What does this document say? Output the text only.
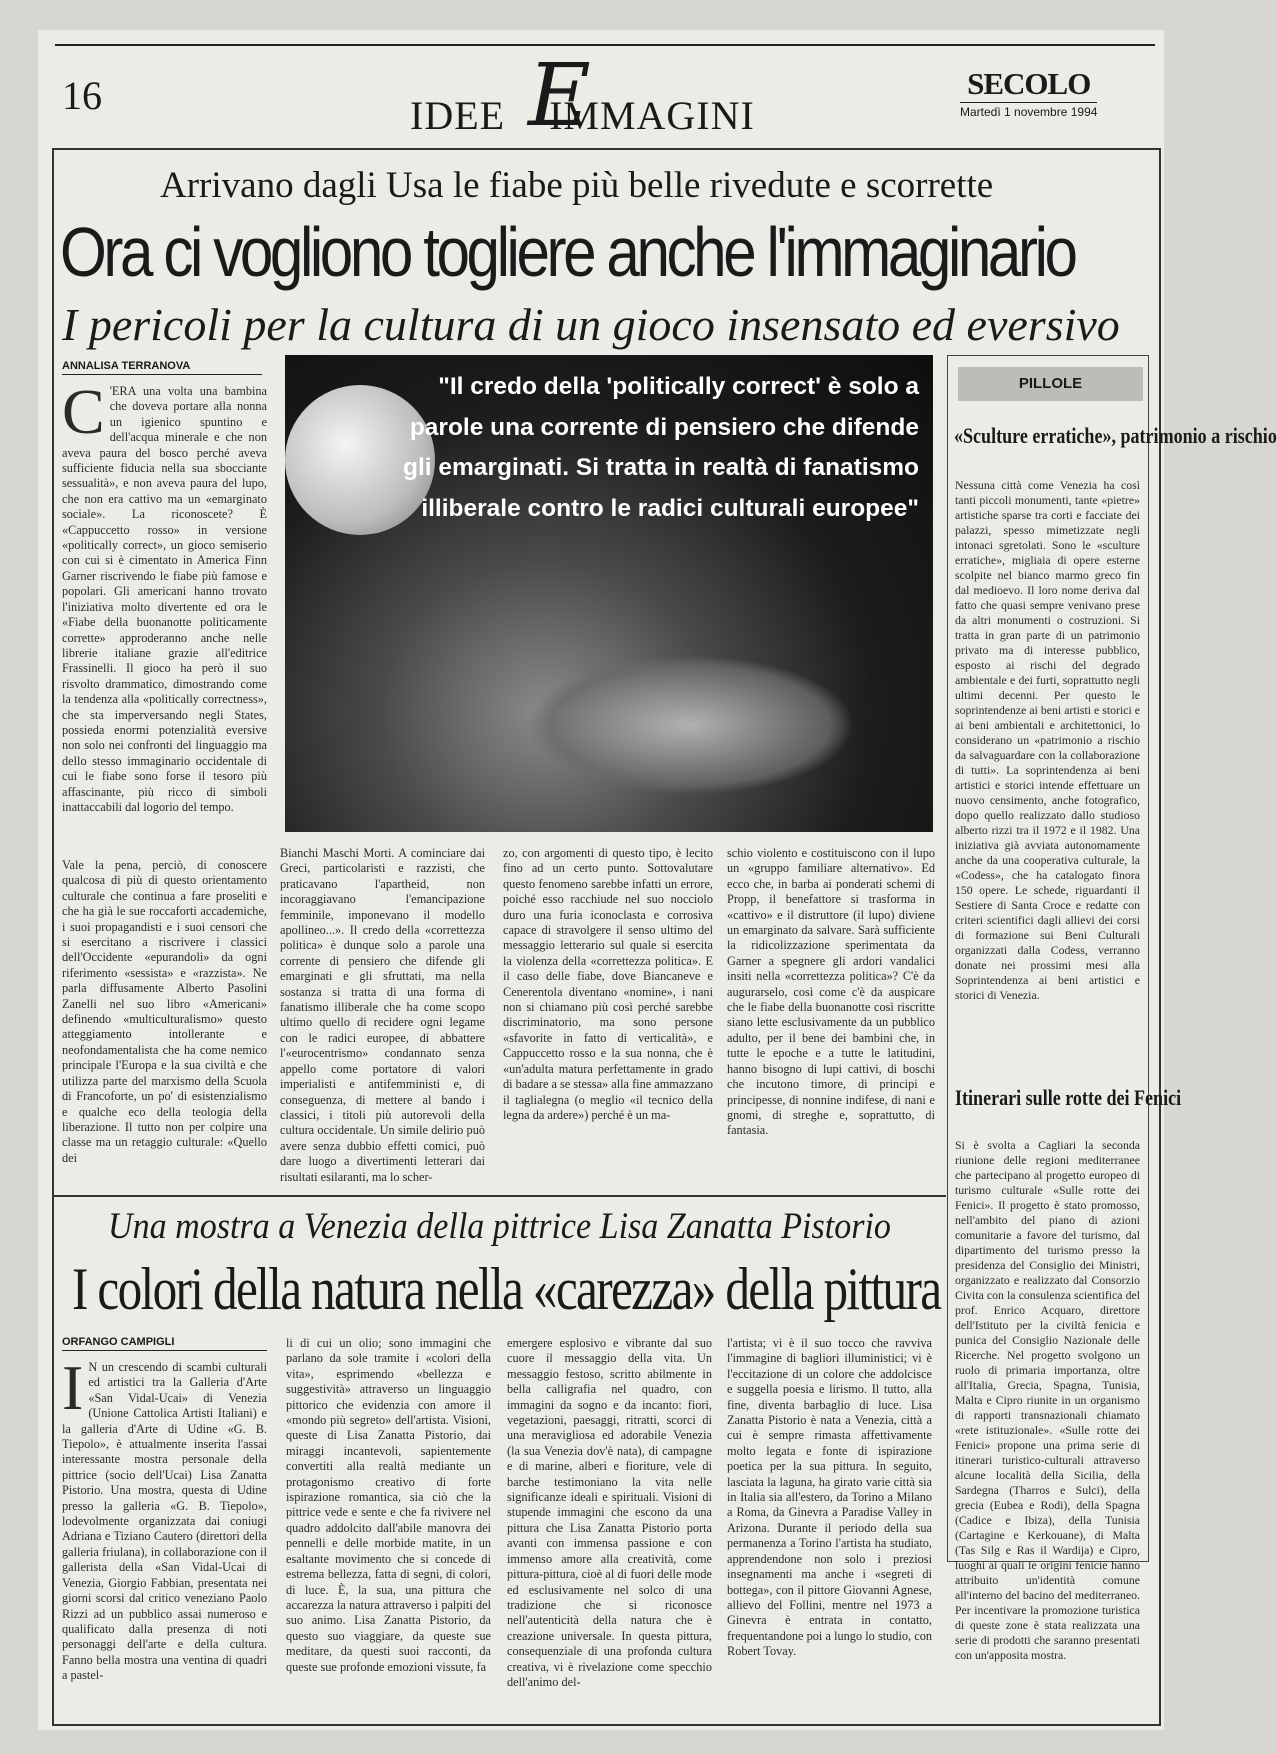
16	E
IDEE IMMAGINI
SECOLO
Martedì 1 novembre 1994
Arrivano dagli Usa le fiabe più belle rivedute e scorrette
Ora ci vogliono togliere anche l'immaginario
I pericoli per la cultura di un gioco insensato ed eversivo
ANNALISA TERRANOVA
C 'ERA una volta una bambina che doveva portare alla nonna un igienico spuntino e dell'acqua minerale e che non aveva paura del bosco perché aveva sufficiente fiducia nella sua sbocciante sessualità», e non aveva paura del lupo, che non era cattivo ma un «emarginato sociale». La riconoscete? È «Cappuccetto rosso» in versione «politically correct», un gioco semiserio con cui si è cimentato in America Finn Garner riscrivendo le fiabe più famose e popolari. Gli americani hanno trovato l'iniziativa molto divertente ed ora le «Fiabe della buonanotte politicamente corrette» approderanno anche nelle librerie italiane grazie all'editrice Frassinelli. Il gioco ha però il suo risvolto drammatico, dimostrando come la tendenza alla «politically correctness», che sta imperversando negli States, possieda enormi potenzialità eversive non solo nei confronti del linguaggio ma dello stesso immaginario occidentale di cui le fiabe sono forse il tesoro più affascinante, più ricco di simboli inattaccabili dal logorio del tempo.
Vale la pena, perciò, di conoscere qualcosa di più di questo orientamento culturale che continua a fare proseliti e che ha già le sue roccaforti accademiche, i suoi propagandisti e i suoi censori che si esercitano a riscrivere i classici dell'Occidente «epurandoli» da ogni riferimento «sessista» e «razzista». Ne parla diffusamente Alberto Pasolini Zanelli nel suo libro «Americani» definendo «multiculturalismo» questo atteggiamento intollerante e neofondamentalista che ha come nemico principale l'Europa e la sua civiltà e che utilizza parte del marxismo della Scuola di Francoforte, un po' di esistenzialismo e qualche eco della teologia della liberazione. Il tutto non per colpire una classe ma un retaggio culturale: «Quello dei
"Il credo della 'politically correct' è solo a parole una corrente di pensiero che difende gli emarginati. Si tratta in realtà di fanatismo illiberale contro le radici culturali europee"
Bianchi Maschi Morti. A cominciare dai Greci, particolaristi e razzisti, che praticavano l'apartheid, non incoraggiavano l'emancipazione femminile, imponevano il modello apollineo...». Il credo della «correttezza politica» è dunque solo a parole una corrente di pensiero che difende gli emarginati e gli sfruttati, ma nella sostanza si tratta di una forma di fanatismo illiberale che ha come scopo ultimo quello di recidere ogni legame con le radici europee, di abbattere l'«eurocentrismo» condannato senza appello come portatore di valori imperialisti e antifemministi e, di conseguenza, di mettere al bando i classici, i titoli più autorevoli della cultura occidentale. Un simile delirio può avere senza dubbio effetti comici, può dare luogo a divertimenti letterari dai risultati esilaranti, ma lo scher-
zo, con argomenti di questo tipo, è lecito fino ad un certo punto. Sottovalutare questo fenomeno sarebbe infatti un errore, poiché esso racchiude nel suo nocciolo duro una furia iconoclasta e corrosiva capace di stravolgere il senso ultimo del messaggio letterario sul quale si esercita la violenza della «correttezza politica». E il caso delle fiabe, dove Biancaneve e Cenerentola diventano «nomine», i nani non si chiamano più così perché sarebbe discriminatorio, ma sono persone «sfavorite in fatto di verticalità», e Cappuccetto rosso e la sua nonna, che è «un'adulta matura perfettamente in grado di badare a se stessa» alla fine ammazzano il taglialegna (o meglio «il tecnico della legna da ardere») perché è un ma-
schio violento e costituiscono con il lupo un «gruppo familiare alternativo». Ed ecco che, in barba ai ponderati schemi di Propp, il benefattore si trasforma in «cattivo» e il distruttore (il lupo) diviene un emarginato da salvare. Sarà sufficiente la ridicolizzazione sperimentata da Garner a spegnere gli ardori vandalici insiti nella «correttezza politica»? C'è da augurarselo, così come c'è da auspicare che le fiabe della buonanotte così riscritte siano lette esclusivamente da un pubblico adulto, per il bene dei bambini che, in tutte le epoche e a tutte le latitudini, hanno bisogno di lupi cattivi, di boschi che incutono timore, di principi e principesse, di nonnine indifese, di nani e gnomi, di streghe e, soprattutto, di fantasia.
PILLOLE
«Sculture erratiche», patrimonio a rischio
Nessuna città come Venezia ha così tanti piccoli monumenti, tante «pietre» artistiche sparse tra corti e facciate dei palazzi, spesso mimetizzate negli intonaci sgretolati. Sono le «sculture erratiche», migliaia di opere esterne scolpite nel bianco marmo greco fin dal medioevo. Il loro nome deriva dal fatto che quasi sempre venivano prese da altri monumenti o costruzioni. Si tratta in gran parte di un patrimonio privato ma di interesse pubblico, esposto ai rischi del degrado ambientale e dei furti, soprattutto negli ultimi decenni. Per questo le soprintendenze ai beni artisti e storici e ai beni ambientali e architettonici, lo considerano un «patrimonio a rischio da salvaguardare con la collaborazione di tutti». La soprintendenza ai beni artistici e storici intende effettuare un nuovo censimento, anche fotografico, dopo quello realizzato dallo studioso alberto rizzi tra il 1972 e il 1982. Una iniziativa già avviata autonomamente anche da una cooperativa culturale, la «Codess», che ha catalogato finora 150 opere. Le schede, riguardanti il Sestiere di Santa Croce e redatte con criteri scientifici dagli allievi dei corsi di formazione sui Beni Culturali organizzati dalla Codess, verranno donate nei prossimi mesi alla Soprintendenza ai beni artistici e storici di Venezia.
Itinerari sulle rotte dei Fenici
Si è svolta a Cagliari la seconda riunione delle regioni mediterranee che partecipano al progetto europeo di turismo culturale «Sulle rotte dei Fenici». Il progetto è stato promosso, nell'ambito del piano di azioni comunitarie a favore del turismo, dal dipartimento del turismo presso la presidenza del Consiglio dei Ministri, organizzato e realizzato dal Consorzio Civita con la consulenza scientifica del prof. Enrico Acquaro, direttore dell'Istituto per la civiltà fenicia e punica del Consiglio Nazionale delle Ricerche. Nel progetto svolgono un ruolo di primaria importanza, oltre all'Italia, Grecia, Spagna, Tunisia, Malta e Cipro riunite in un organismo di rapporti transnazionali chiamato «rete istituzionale». «Sulle rotte dei Fenici» propone una prima serie di itinerari turistico-culturali attraverso alcune località della Sicilia, della Sardegna (Tharros e Sulci), della grecia (Eubea e Rodi), della Spagna (Cadice e Ibiza), della Tunisia (Cartagine e Kerkouane), di Malta (Tas Silg e Ras il Wardija) e Cipro, luoghi ai quali le origini fenicie hanno attribuito un'identità comune all'interno del bacino del mediterraneo. Per incentivare la promozione turistica di queste zone è stata realizzata una serie di prodotti che saranno presentati con un'apposita mostra.
Una mostra a Venezia della pittrice Lisa Zanatta Pistorio
I colori della natura nella «carezza» della pittura
ORFANGO CAMPIGLI
I N un crescendo di scambi culturali ed artistici tra la Galleria d'Arte «San Vidal-Ucai» di Venezia (Unione Cattolica Artisti Italiani) e la galleria d'Arte di Udine «G. B. Tiepolo», è attualmente inserita l'assai interessante mostra personale della pittrice (socio dell'Ucai) Lisa Zanatta Pistorio. Una mostra, questa di Udine presso la galleria «G. B. Tiepolo», lodevolmente organizzata dai coniugi Adriana e Tiziano Cautero (direttori della galleria friulana), in collaborazione con il gallerista della «San Vidal-Ucai di Venezia, Giorgio Fabbian, presentata nei giorni scorsi dal critico veneziano Paolo Rizzi ad un pubblico assai numeroso e qualificato dalla presenza di noti personaggi dell'arte e della cultura. Fanno bella mostra una ventina di quadri a pastel-
li di cui un olio; sono immagini che parlano da sole tramite i «colori della vita», esprimendo «bellezza e suggestività» attraverso un linguaggio pittorico che evidenzia con amore il «mondo più segreto» dell'artista. Visioni, queste di Lisa Zanatta Pistorio, dai miraggi incantevoli, sapientemente convertiti alla realtà mediante un protagonismo creativo di forte ispirazione romantica, sia ciò che la pittrice vede e sente e che fa rivivere nel quadro addolcito dall'abile manovra dei pennelli e delle morbide matite, in un esaltante movimento che si concede di estrema bellezza, fatta di segni, di colori, di luce. È, la sua, una pittura che accarezza la natura attraverso i palpiti del suo animo. Lisa Zanatta Pistorio, da questo suo viaggiare, da queste sue meditare, da questi suoi racconti, da queste sue profonde emozioni vissute, fa
emergere esplosivo e vibrante dal suo cuore il messaggio della vita. Un messaggio festoso, scritto abilmente in bella calligrafia nel quadro, con immagini da sogno e da incanto: fiori, vegetazioni, paesaggi, ritratti, scorci di una meravigliosa ed adorabile Venezia (la sua Venezia dov'è nata), di campagne e di marine, alberi e fioriture, vele di barche testimoniano la vita nelle significanze ideali e spirituali. Visioni di stupende immagini che escono da una pittura che Lisa Zanatta Pistorio porta avanti con immensa passione e con immenso amore alla creatività, come pittura-pittura, cioè al di fuori delle mode ed esclusivamente nel solco di una tradizione che si riconosce nell'autenticità della natura che è creazione universale. In questa pittura, consequenziale di una profonda cultura creativa, vi è rivelazione come specchio dell'animo del-
l'artista; vi è il suo tocco che ravviva l'immagine di bagliori illuministici; vi è l'eccitazione di un colore che addolcisce e suggella poesia e lirismo. Il tutto, alla fine, diventa barbaglio di luce. Lisa Zanatta Pistorio è nata a Venezia, città a cui è sempre rimasta affettivamente molto legata e fonte di ispirazione poetica per la sua pittura. In seguito, lasciata la laguna, ha girato varie città sia in Italia sia all'estero, da Torino a Milano a Roma, da Ginevra a Paradise Valley in Arizona. Durante il periodo della sua permanenza a Torino l'artista ha studiato, apprendendone non solo i preziosi insegnamenti ma anche i «segreti di bottega», con il pittore Giovanni Agnese, allievo del Follini, mentre nel 1973 a Ginevra è entrata in contatto, frequentandone poi a lungo lo studio, con Robert Tovay.
